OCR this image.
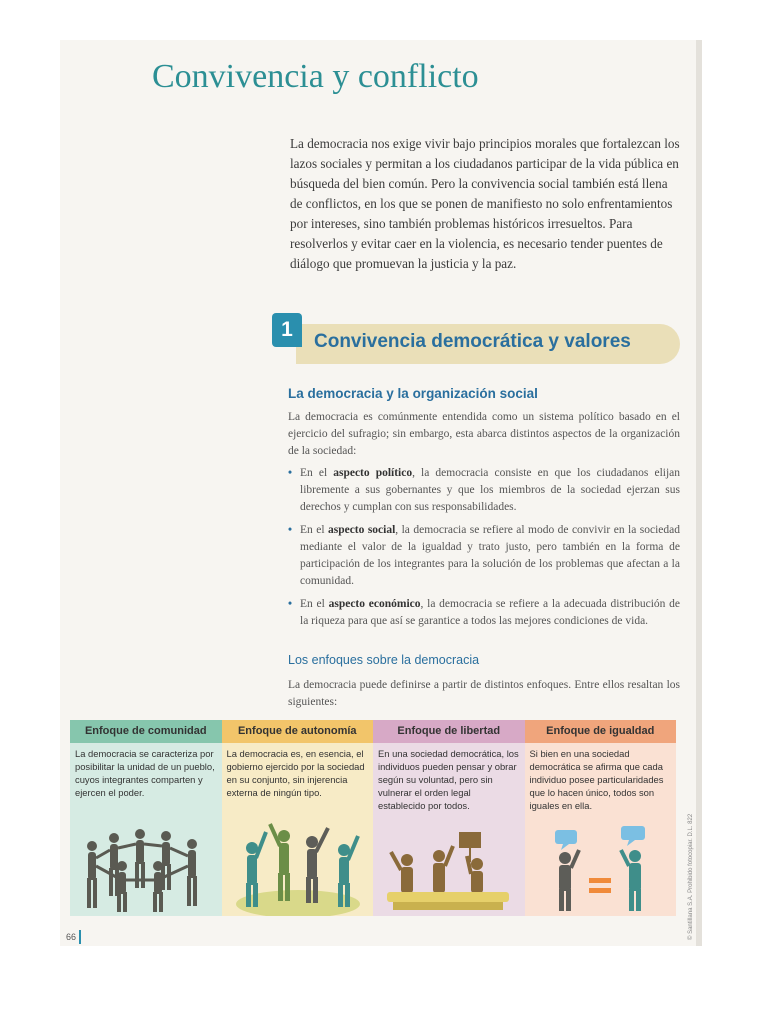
Convivencia y conflicto

La democracia nos exige vivir bajo principios morales que fortalezcan los lazos sociales y permitan a los ciudadanos participar de la vida pública en búsqueda del bien común. Pero la convivencia social también está llena de conflictos, en los que se ponen de manifiesto no solo enfrentamientos por intereses, sino también problemas históricos irresueltos. Para resolverlos y evitar caer en la violencia, es necesario tender puentes de diálogo que promuevan la justicia y la paz.

1
Convivencia democrática y valores
La democracia y la organización social

La democracia es comúnmente entendida como un sistema político basado en el ejercicio del sufragio; sin embargo, esta abarca distintos aspectos de la organización de la sociedad:

• En el aspecto político, la democracia consiste en que los ciudadanos elijan libremente a sus gobernantes y que los miembros de la sociedad ejerzan sus derechos y cumplan con sus responsabilidades.
• En el aspecto social, la democracia se refiere al modo de convivir en la sociedad mediante el valor de la igualdad y trato justo, pero también en la forma de participación de los integrantes para la solución de los problemas que afectan a la comunidad.
• En el aspecto económico, la democracia se refiere a la adecuada distribución de la riqueza para que así se garantice a todos las mejores condiciones de vida.
Los enfoques sobre la democracia

La democracia puede definirse a partir de distintos enfoques. Entre ellos resaltan los siguientes:

Enfoque de comunidad

La democracia se caracteriza por posibilitar la unidad de un pueblo, cuyos integrantes comparten y ejercen el poder.

Enfoque de autonomía

La democracia es, en esencia, el gobierno ejercido por la sociedad en su conjunto, sin injerencia externa de ningún tipo.

Enfoque de libertad

En una sociedad democrática, los individuos pueden pensar y obrar según su voluntad, pero sin vulnerar el orden legal establecido por todos.

Enfoque de igualdad

Si bien en una sociedad democrática se afirma que cada individuo posee particularidades que lo hacen único, todos son iguales en ella.

66	© Santillana S.A. Prohibido fotocopiar. D.L. 822
